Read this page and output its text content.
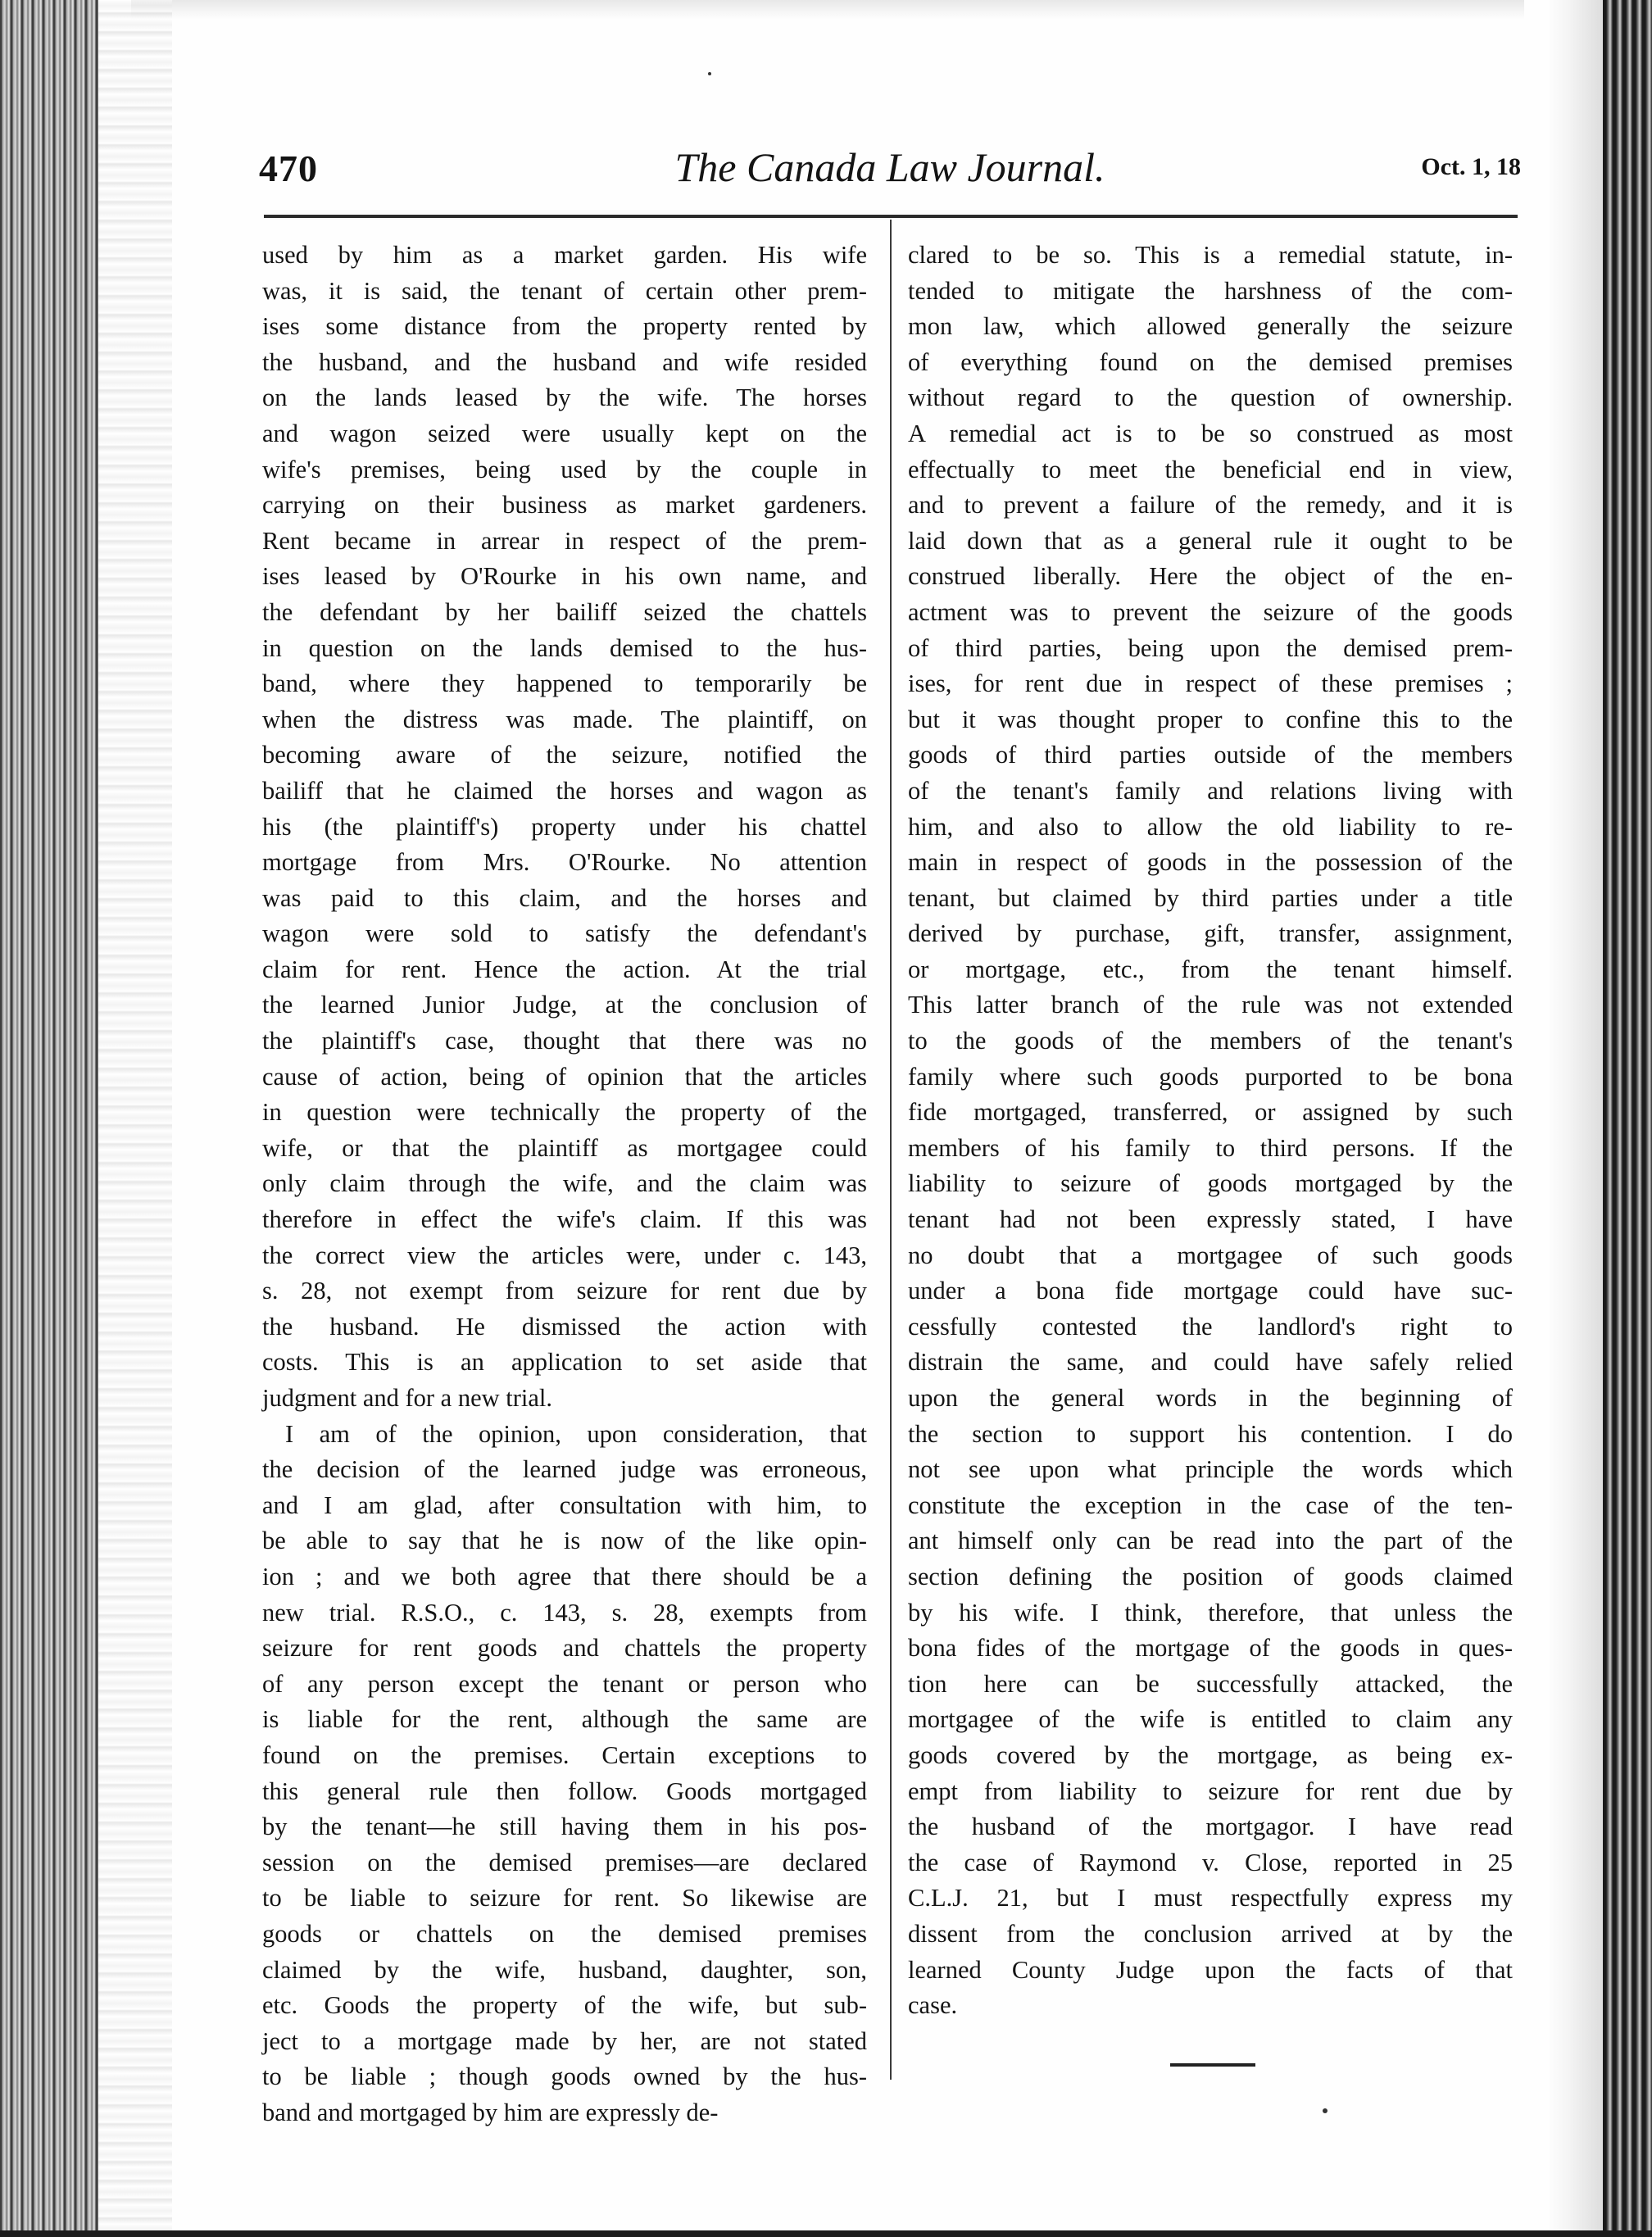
The Canada Law Journal.
470	Oct. 1, 18
used by him as a market garden. His wife
was, it is said, the tenant of certain other prem-
ises some distance from the property rented by
the husband, and the husband and wife resided
on the lands leased by the wife. The horses
and wagon seized were usually kept on the
wife's premises, being used by the couple in
carrying on their business as market gardeners.
Rent became in arrear in respect of the prem-
ises leased by O'Rourke in his own name, and
the defendant by her bailiff seized the chattels
in question on the lands demised to the hus-
band, where they happened to temporarily be
when the distress was made. The plaintiff, on
becoming aware of the seizure, notified the
bailiff that he claimed the horses and wagon as
his (the plaintiff's) property under his chattel
mortgage from Mrs. O'Rourke. No attention
was paid to this claim, and the horses and
wagon were sold to satisfy the defendant's
claim for rent. Hence the action. At the trial
the learned Junior Judge, at the conclusion of
the plaintiff's case, thought that there was no
cause of action, being of opinion that the articles
in question were technically the property of the
wife, or that the plaintiff as mortgagee could
only claim through the wife, and the claim was
therefore in effect the wife's claim. If this was
the correct view the articles were, under c. 143,
s. 28, not exempt from seizure for rent due by
the husband. He dismissed the action with
costs. This is an application to set aside that
judgment and for a new trial.
I am of the opinion, upon consideration, that
the decision of the learned judge was erroneous,
and I am glad, after consultation with him, to
be able to say that he is now of the like opin-
ion ; and we both agree that there should be a
new trial. R.S.O., c. 143, s. 28, exempts from
seizure for rent goods and chattels the property
of any person except the tenant or person who
is liable for the rent, although the same are
found on the premises. Certain exceptions to
this general rule then follow. Goods mortgaged
by the tenant—he still having them in his pos-
session on the demised premises—are declared
to be liable to seizure for rent. So likewise are
goods or chattels on the demised premises
claimed by the wife, husband, daughter, son,
etc. Goods the property of the wife, but sub-
ject to a mortgage made by her, are not stated
to be liable ; though goods owned by the hus-
band and mortgaged by him are expressly de-
clared to be so. This is a remedial statute, in-
tended to mitigate the harshness of the com-
mon law, which allowed generally the seizure
of everything found on the demised premises
without regard to the question of ownership.
A remedial act is to be so construed as most
effectually to meet the beneficial end in view,
and to prevent a failure of the remedy, and it is
laid down that as a general rule it ought to be
construed liberally. Here the object of the en-
actment was to prevent the seizure of the goods
of third parties, being upon the demised prem-
ises, for rent due in respect of these premises ;
but it was thought proper to confine this to the
goods of third parties outside of the members
of the tenant's family and relations living with
him, and also to allow the old liability to re-
main in respect of goods in the possession of the
tenant, but claimed by third parties under a title
derived by purchase, gift, transfer, assignment,
or mortgage, etc., from the tenant himself.
This latter branch of the rule was not extended
to the goods of the members of the tenant's
family where such goods purported to be bona
fide mortgaged, transferred, or assigned by such
members of his family to third persons. If the
liability to seizure of goods mortgaged by the
tenant had not been expressly stated, I have
no doubt that a mortgagee of such goods
under a bona fide mortgage could have suc-
cessfully contested the landlord's right to
distrain the same, and could have safely relied
upon the general words in the beginning of
the section to support his contention. I do
not see upon what principle the words which
constitute the exception in the case of the ten-
ant himself only can be read into the part of the
section defining the position of goods claimed
by his wife. I think, therefore, that unless the
bona fides of the mortgage of the goods in ques-
tion here can be successfully attacked, the
mortgagee of the wife is entitled to claim any
goods covered by the mortgage, as being ex-
empt from liability to seizure for rent due by
the husband of the mortgagor. I have read
the case of Raymond v. Close, reported in 25
C.L.J. 21, but I must respectfully express my
dissent from the conclusion arrived at by the
learned County Judge upon the facts of that
case.
